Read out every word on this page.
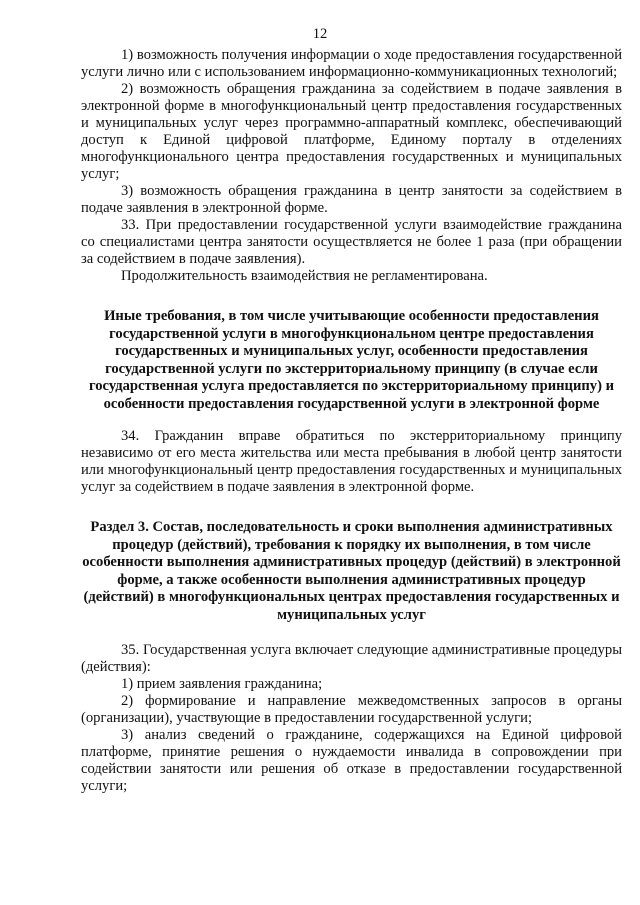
12

1) возможность получения информации о ходе предоставления государственной услуги лично или с использованием информационно-коммуникационных технологий;

2) возможность обращения гражданина за содействием в подаче заявления в электронной форме в многофункциональный центр предоставления государственных и муниципальных услуг через программно-аппаратный комплекс, обеспечивающий доступ к Единой цифровой платформе, Единому порталу в отделениях многофункционального центра предоставления государственных и муниципальных услуг;

3) возможность обращения гражданина в центр занятости за содействием в подаче заявления в электронной форме.

33. При предоставлении государственной услуги взаимодействие гражданина со специалистами центра занятости осуществляется не более 1 раза (при обращении за содействием в подаче заявления).

Продолжительность взаимодействия не регламентирована.

Иные требования, в том числе учитывающие особенности предоставления государственной услуги в многофункциональном центре предоставления государственных и муниципальных услуг, особенности предоставления государственной услуги по экстерриториальному принципу (в случае если государственная услуга предоставляется по экстерриториальному принципу) и особенности предоставления государственной услуги в электронной форме

34. Гражданин вправе обратиться по экстерриториальному принципу независимо от его места жительства или места пребывания в любой центр занятости или многофункциональный центр предоставления государственных и муниципальных услуг за содействием в подаче заявления в электронной форме.

Раздел 3. Состав, последовательность и сроки выполнения административных процедур (действий), требования к порядку их выполнения, в том числе особенности выполнения административных процедур (действий) в электронной форме, а также особенности выполнения административных процедур (действий) в многофункциональных центрах предоставления государственных и муниципальных услуг

35. Государственная услуга включает следующие административные процедуры (действия):

1) прием заявления гражданина;

2) формирование и направление межведомственных запросов в органы (организации), участвующие в предоставлении государственной услуги;

3) анализ сведений о гражданине, содержащихся на Единой цифровой платформе, принятие решения о нуждаемости инвалида в сопровождении при содействии занятости или решения об отказе в предоставлении государственной услуги;
